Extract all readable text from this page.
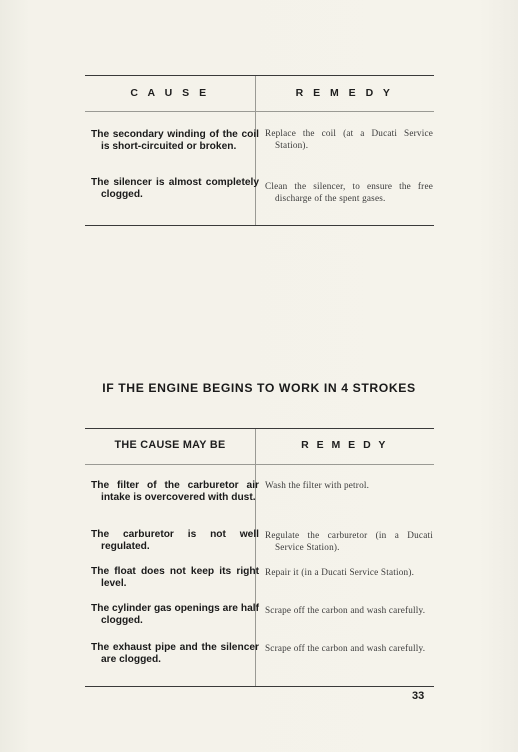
C A U S E	R E M E D Y
The secondary winding of the coil is short-circuited or broken.
Replace the coil (at a Ducati Service Station).
The silencer is almost completely clogged.
Clean the silencer, to ensure the free discharge of the spent gases.
IF THE ENGINE BEGINS TO WORK IN 4 STROKES
THE CAUSE MAY BE	R E M E D Y
The filter of the carburetor air intake is overcovered with dust.
Wash the filter with petrol.
The carburetor is not well regulated.
Regulate the carburetor (in a Ducati Service Station).
The float does not keep its right level.
Repair it (in a Ducati Service Station).
The cylinder gas openings are half clogged.
Scrape off the carbon and wash carefully.
The exhaust pipe and the silencer are clogged.
Scrape off the carbon and wash carefully.
33
